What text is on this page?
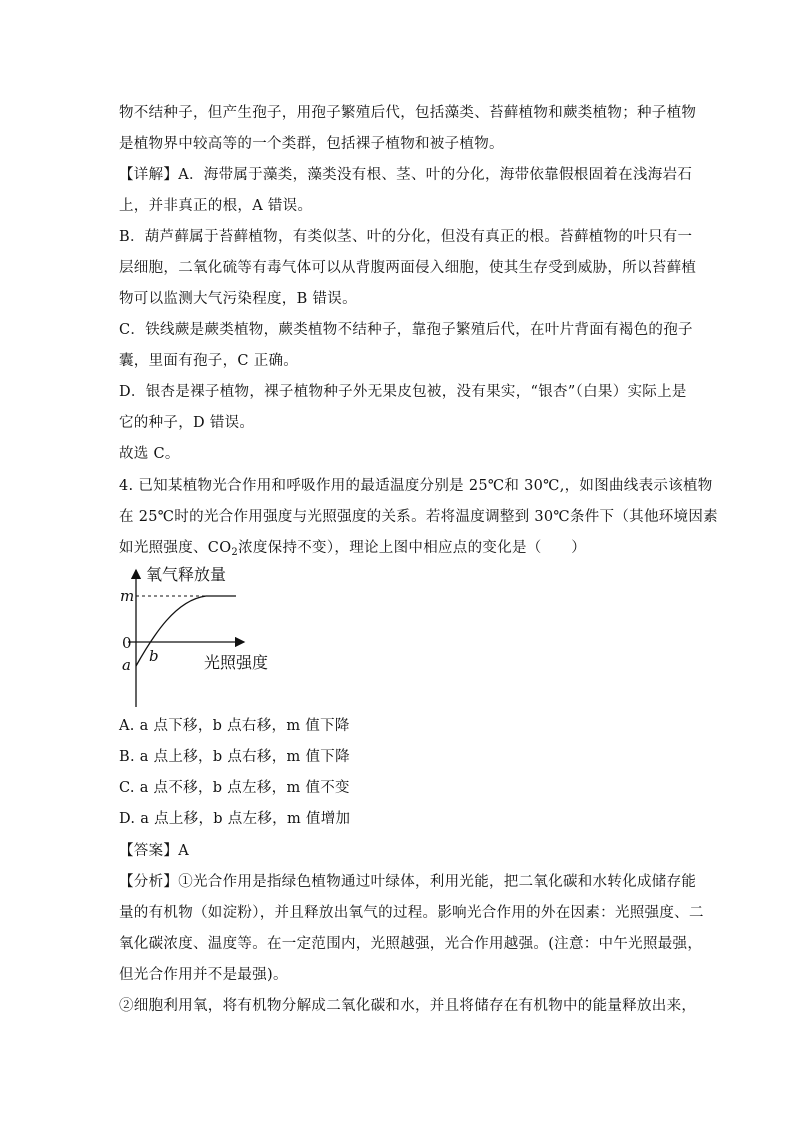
物不结种子，但产生孢子，用孢子繁殖后代，包括藻类、苔藓植物和蕨类植物；种子植物
是植物界中较高等的一个类群，包括裸子植物和被子植物。
【详解】A．海带属于藻类，藻类没有根、茎、叶的分化，海带依靠假根固着在浅海岩石
上，并非真正的根，A 错误。
B．葫芦藓属于苔藓植物，有类似茎、叶的分化，但没有真正的根。苔藓植物的叶只有一
层细胞，二氧化硫等有毒气体可以从背腹两面侵入细胞，使其生存受到威胁，所以苔藓植
物可以监测大气污染程度，B 错误。
C．铁线蕨是蕨类植物，蕨类植物不结种子，靠孢子繁殖后代，在叶片背面有褐色的孢子
囊，里面有孢子，C 正确。
D．银杏是裸子植物，裸子植物种子外无果皮包被，没有果实，“银杏”（白果）实际上是
它的种子，D 错误。
故选 C。
4. 已知某植物光合作用和呼吸作用的最适温度分别是 25℃和 30℃,，如图曲线表示该植物
在 25℃时的光合作用强度与光照强度的关系。若将温度调整到 30℃条件下（其他环境因素
如光照强度、$CO_2$浓度保持不变），理论上图中相应点的变化是（　　）
氧气释放量
光照强度
m
0
a b
A. a 点下移，b 点右移，m 值下降
B. a 点上移，b 点右移，m 值下降
C. a 点不移，b 点左移，m 值不变
D. a 点上移，b 点左移，m 值增加
【答案】A
【分析】①光合作用是指绿色植物通过叶绿体，利用光能，把二氧化碳和水转化成储存能
量的有机物（如淀粉），并且释放出氧气的过程。影响光合作用的外在因素：光照强度、二
氧化碳浓度、温度等。在一定范围内，光照越强，光合作用越强。(注意：中午光照最强，
但光合作用并不是最强)。
②细胞利用氧，将有机物分解成二氧化碳和水，并且将储存在有机物中的能量释放出来，
